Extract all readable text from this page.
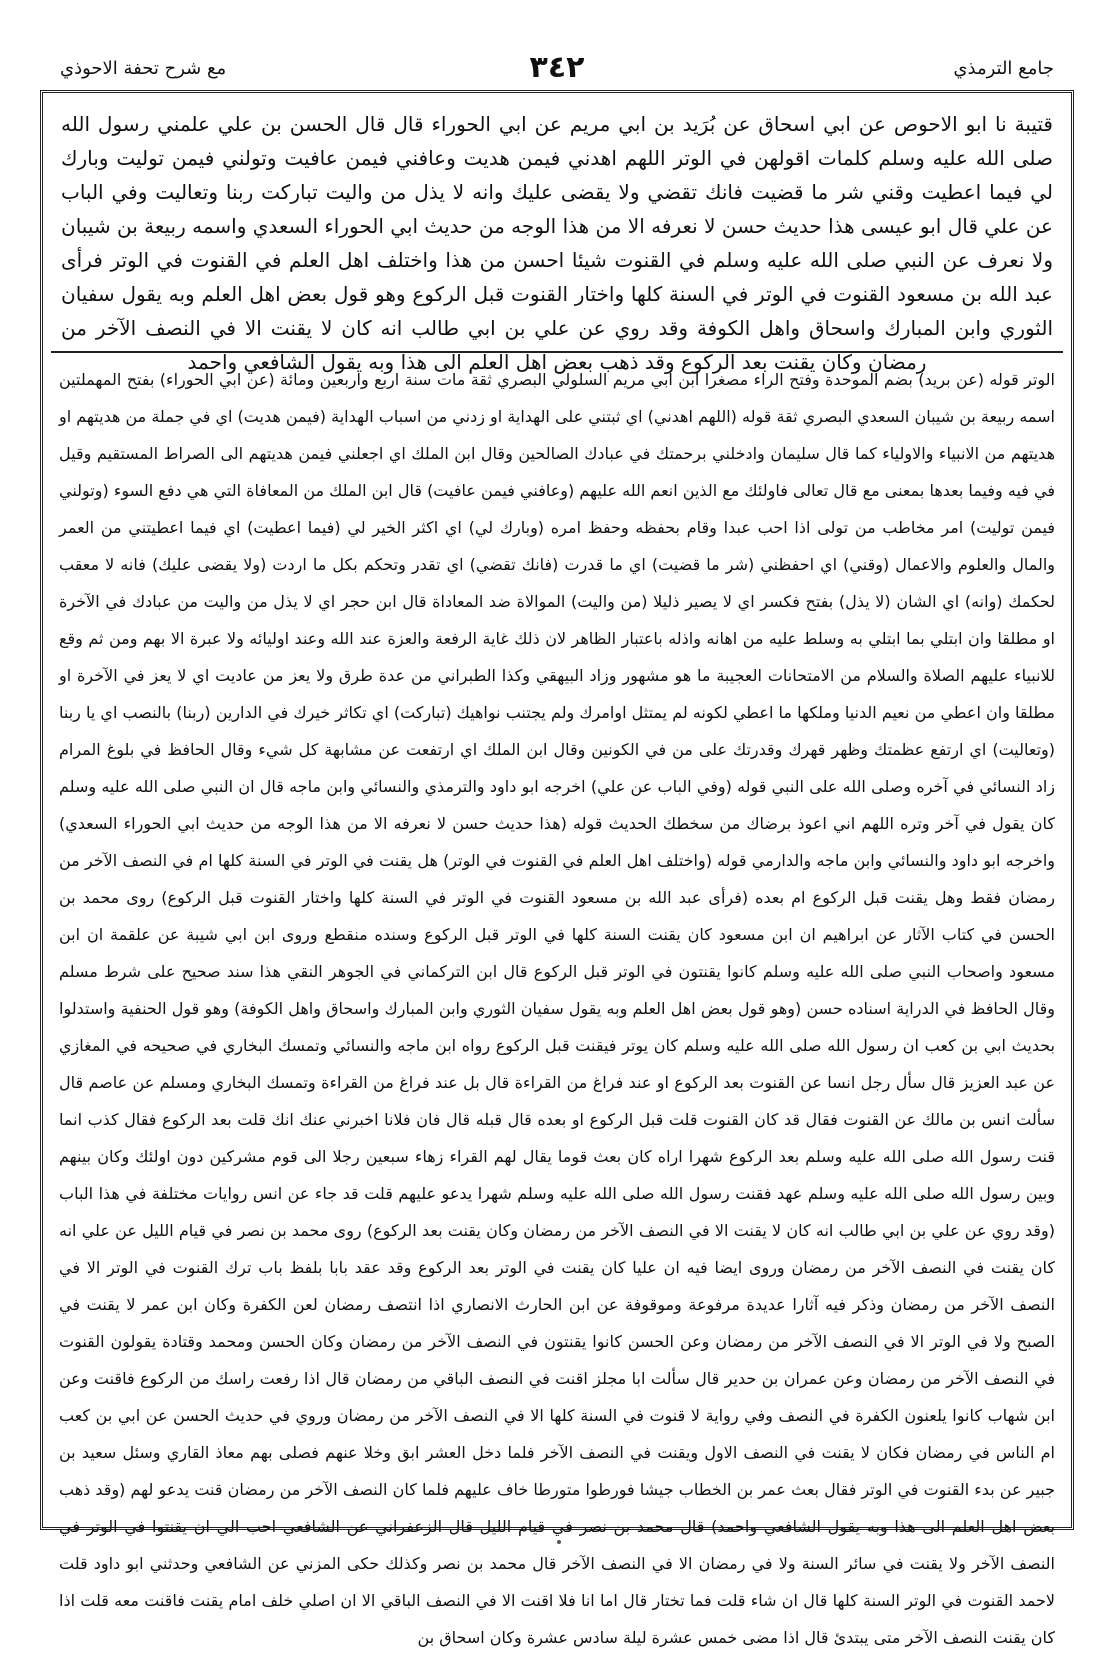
جامع الترمذي
٣٤٢
مع شرح تحفة الاحوذي
قتيبة نا ابو الاحوص عن ابي اسحاق عن بُرَيد بن ابي مريم عن ابي الحوراء قال قال الحسن بن علي علمني رسول الله صلى الله عليه وسلم كلمات اقولهن في الوتر اللهم اهدني فيمن هديت وعافني فيمن عافيت وتولني فيمن توليت وبارك لي فيما اعطيت وقني شر ما قضيت فانك تقضي ولا يقضى عليك وانه لا يذل من واليت تباركت ربنا وتعاليت وفي الباب عن علي قال ابو عيسى هذا حديث حسن لا نعرفه الا من هذا الوجه من حديث ابي الحوراء السعدي واسمه ربيعة بن شيبان ولا نعرف عن النبي صلى الله عليه وسلم في القنوت شيئا احسن من هذا واختلف اهل العلم في القنوت في الوتر فرأى عبد الله بن مسعود القنوت في الوتر في السنة كلها واختار القنوت قبل الركوع وهو قول بعض اهل العلم وبه يقول سفيان الثوري وابن المبارك واسحاق واهل الكوفة وقد روي عن علي بن ابي طالب انه كان لا يقنت الا في النصف الآخر من رمضان وكان يقنت بعد الركوع وقد ذهب بعض اهل العلم الى هذا وبه يقول الشافعي واحمد

الوتر قوله (عن بريد) بضم الموحدة وفتح الراء مصغرا ابن ابي مريم السلولي البصري ثقة مات سنة اربع واربعين ومائة (عن ابي الحوراء) بفتح المهملتين اسمه ربيعة بن شيبان السعدي البصري ثقة قوله (اللهم اهدني) اي ثبتني على الهداية او زدني من اسباب الهداية (فيمن هديت) اي في جملة من هديتهم او هديتهم من الانبياء والاولياء كما قال سليمان وادخلني برحمتك في عبادك الصالحين وقال ابن الملك اي اجعلني فيمن هديتهم الى الصراط المستقيم وقيل في فيه وفيما بعدها بمعنى مع قال تعالى فاولئك مع الذين انعم الله عليهم (وعافني فيمن عافيت) قال ابن الملك من المعافاة التي هي دفع السوء (وتولني فيمن توليت) امر مخاطب من تولى اذا احب عبدا وقام بحفظه وحفظ امره (وبارك لي) اي اكثر الخير لي (فيما اعطيت) اي فيما اعطيتني من العمر والمال والعلوم والاعمال (وقني) اي احفظني (شر ما قضيت) اي ما قدرت (فانك تقضي) اي تقدر وتحكم بكل ما اردت (ولا يقضى عليك) فانه لا معقب لحكمك (وانه) اي الشان (لا يذل) بفتح فكسر اي لا يصير ذليلا (من واليت) الموالاة ضد المعاداة قال ابن حجر اي لا يذل من واليت من عبادك في الآخرة او مطلقا وان ابتلي بما ابتلي به وسلط عليه من اهانه واذله باعتبار الظاهر لان ذلك غاية الرفعة والعزة عند الله وعند اوليائه ولا عبرة الا بهم ومن ثم وقع للانبياء عليهم الصلاة والسلام من الامتحانات العجيبة ما هو مشهور وزاد البيهقي وكذا الطبراني من عدة طرق ولا يعز من عاديت اي لا يعز في الآخرة او مطلقا وان اعطي من نعيم الدنيا وملكها ما اعطي لكونه لم يمتثل اوامرك ولم يجتنب نواهيك (تباركت) اي تكاثر خيرك في الدارين (ربنا) بالنصب اي يا ربنا (وتعاليت) اي ارتفع عظمتك وظهر قهرك وقدرتك على من في الكونين وقال ابن الملك اي ارتفعت عن مشابهة كل شيء وقال الحافظ في بلوغ المرام زاد النسائي في آخره وصلى الله على النبي قوله (وفي الباب عن علي) اخرجه ابو داود والترمذي والنسائي وابن ماجه قال ان النبي صلى الله عليه وسلم كان يقول في آخر وتره اللهم اني اعوذ برضاك من سخطك الحديث قوله (هذا حديث حسن لا نعرفه الا من هذا الوجه من حديث ابي الحوراء السعدي) واخرجه ابو داود والنسائي وابن ماجه والدارمي قوله (واختلف اهل العلم في القنوت في الوتر) هل يقنت في الوتر في السنة كلها ام في النصف الآخر من رمضان فقط وهل يقنت قبل الركوع ام بعده (فرأى عبد الله بن مسعود القنوت في الوتر في السنة كلها واختار القنوت قبل الركوع) روى محمد بن الحسن في كتاب الآثار عن ابراهيم ان ابن مسعود كان يقنت السنة كلها في الوتر قبل الركوع وسنده منقطع وروى ابن ابي شيبة عن علقمة ان ابن مسعود واصحاب النبي صلى الله عليه وسلم كانوا يقنتون في الوتر قبل الركوع قال ابن التركماني في الجوهر النقي هذا سند صحيح على شرط مسلم وقال الحافظ في الدراية اسناده حسن (وهو قول بعض اهل العلم وبه يقول سفيان الثوري وابن المبارك واسحاق واهل الكوفة) وهو قول الحنفية واستدلوا بحديث ابي بن كعب ان رسول الله صلى الله عليه وسلم كان يوتر فيقنت قبل الركوع رواه ابن ماجه والنسائي وتمسك البخاري في صحيحه في المغازي عن عبد العزيز قال سأل رجل انسا عن القنوت بعد الركوع او عند فراغ من القراءة قال بل عند فراغ من القراءة وتمسك البخاري ومسلم عن عاصم قال سألت انس بن مالك عن القنوت فقال قد كان القنوت قلت قبل الركوع او بعده قال قبله قال فان فلانا اخبرني عنك انك قلت بعد الركوع فقال كذب انما قنت رسول الله صلى الله عليه وسلم بعد الركوع شهرا اراه كان بعث قوما يقال لهم القراء زهاء سبعين رجلا الى قوم مشركين دون اولئك وكان بينهم وبين رسول الله صلى الله عليه وسلم عهد فقنت رسول الله صلى الله عليه وسلم شهرا يدعو عليهم قلت قد جاء عن انس روايات مختلفة في هذا الباب (وقد روي عن علي بن ابي طالب انه كان لا يقنت الا في النصف الآخر من رمضان وكان يقنت بعد الركوع) روى محمد بن نصر في قيام الليل عن علي انه كان يقنت في النصف الآخر من رمضان وروى ايضا فيه ان عليا كان يقنت في الوتر بعد الركوع وقد عقد بابا بلفظ باب ترك القنوت في الوتر الا في النصف الآخر من رمضان وذكر فيه آثارا عديدة مرفوعة وموقوفة عن ابن الحارث الانصاري اذا انتصف رمضان لعن الكفرة وكان ابن عمر لا يقنت في الصبح ولا في الوتر الا في النصف الآخر من رمضان وعن الحسن كانوا يقنتون في النصف الآخر من رمضان وكان الحسن ومحمد وقتادة يقولون القنوت في النصف الآخر من رمضان وعن عمران بن حدير قال سألت ابا مجلز اقنت في النصف الباقي من رمضان قال اذا رفعت راسك من الركوع فاقنت وعن ابن شهاب كانوا يلعنون الكفرة في النصف وفي رواية لا قنوت في السنة كلها الا في النصف الآخر من رمضان وروي في حديث الحسن عن ابي بن كعب ام الناس في رمضان فكان لا يقنت في النصف الاول ويقنت في النصف الآخر فلما دخل العشر ابق وخلا عنهم فصلى بهم معاذ القاري وسئل سعيد بن جبير عن بدء القنوت في الوتر فقال بعث عمر بن الخطاب جيشا فورطوا متورطا خاف عليهم فلما كان النصف الآخر من رمضان قنت يدعو لهم (وقد ذهب بعض اهل العلم الى هذا وبه يقول الشافعي واحمد) قال محمد بن نصر في قيام الليل قال الزعفراني عن الشافعي احب الي ان يقنتوا في الوتر في النصف الآخر ولا يقنت في سائر السنة ولا في رمضان الا في النصف الآخر قال محمد بن نصر وكذلك حكى المزني عن الشافعي وحدثني ابو داود قلت لاحمد القنوت في الوتر السنة كلها قال ان شاء قلت فما تختار قال اما انا فلا اقنت الا في النصف الباقي الا ان اصلي خلف امام يقنت فاقنت معه قلت اذا كان يقنت النصف الآخر متى يبتدئ قال اذا مضى خمس عشرة ليلة سادس عشرة وكان اسحاق بن
